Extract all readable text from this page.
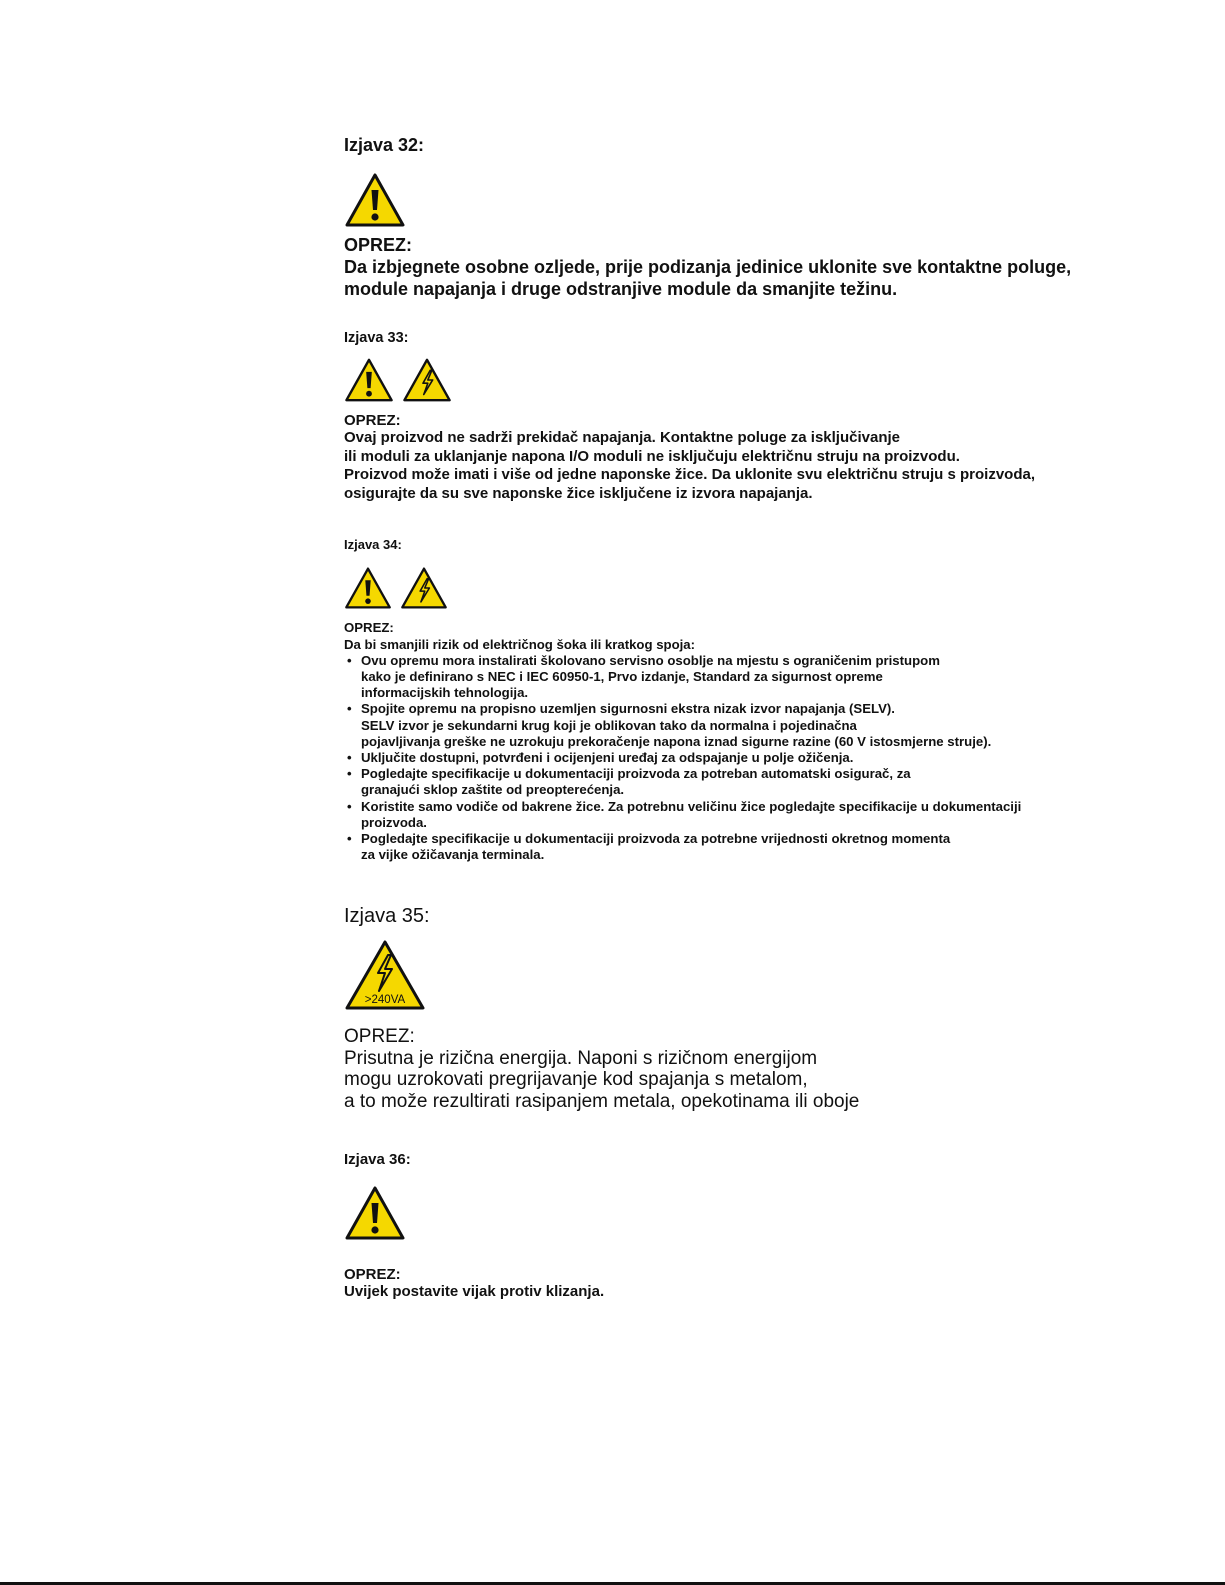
Izjava 32:

OPREZ:

Da izbjegnete osobne ozljede, prije podizanja jedinice uklonite sve kontaktne poluge,

module napajanja i druge odstranjive module da smanjite težinu.

Izjava 33:

OPREZ:

Ovaj proizvod ne sadrži prekidač napajanja. Kontaktne poluge za isključivanje

ili moduli za uklanjanje napona I/O moduli ne isključuju električnu struju na proizvodu.

Proizvod može imati i više od jedne naponske žice. Da uklonite svu električnu struju s proizvoda,

osigurajte da su sve naponske žice isključene iz izvora napajanja.

Izjava 34:

OPREZ:

Da bi smanjili rizik od električnog šoka ili kratkog spoja:

• Ovu opremu mora instalirati školovano servisno osoblje na mjestu s ograničenim pristupom
kako je definirano s NEC i IEC 60950-1, Prvo izdanje, Standard za sigurnost opreme
informacijskih tehnologija.
• Spojite opremu na propisno uzemljen sigurnosni ekstra nizak izvor napajanja (SELV).
SELV izvor je sekundarni krug koji je oblikovan tako da normalna i pojedinačna
pojavljivanja greške ne uzrokuju prekoračenje napona iznad sigurne razine (60 V istosmjerne struje).
• Uključite dostupni, potvrđeni i ocijenjeni uređaj za odspajanje u polje ožičenja.
• Pogledajte specifikacije u dokumentaciji proizvoda za potreban automatski osigurač, za
granajući sklop zaštite od preopterećenja.
• Koristite samo vodiče od bakrene žice. Za potrebnu veličinu žice pogledajte specifikacije u dokumentaciji
proizvoda.
• Pogledajte specifikacije u dokumentaciji proizvoda za potrebne vrijednosti okretnog momenta
za vijke ožičavanja terminala.

Izjava 35:

>240VA

OPREZ:

Prisutna je rizična energija. Naponi s rizičnom energijom

mogu uzrokovati pregrijavanje kod spajanja s metalom,

a to može rezultirati rasipanjem metala, opekotinama ili oboje

Izjava 36:

OPREZ:

Uvijek postavite vijak protiv klizanja.
